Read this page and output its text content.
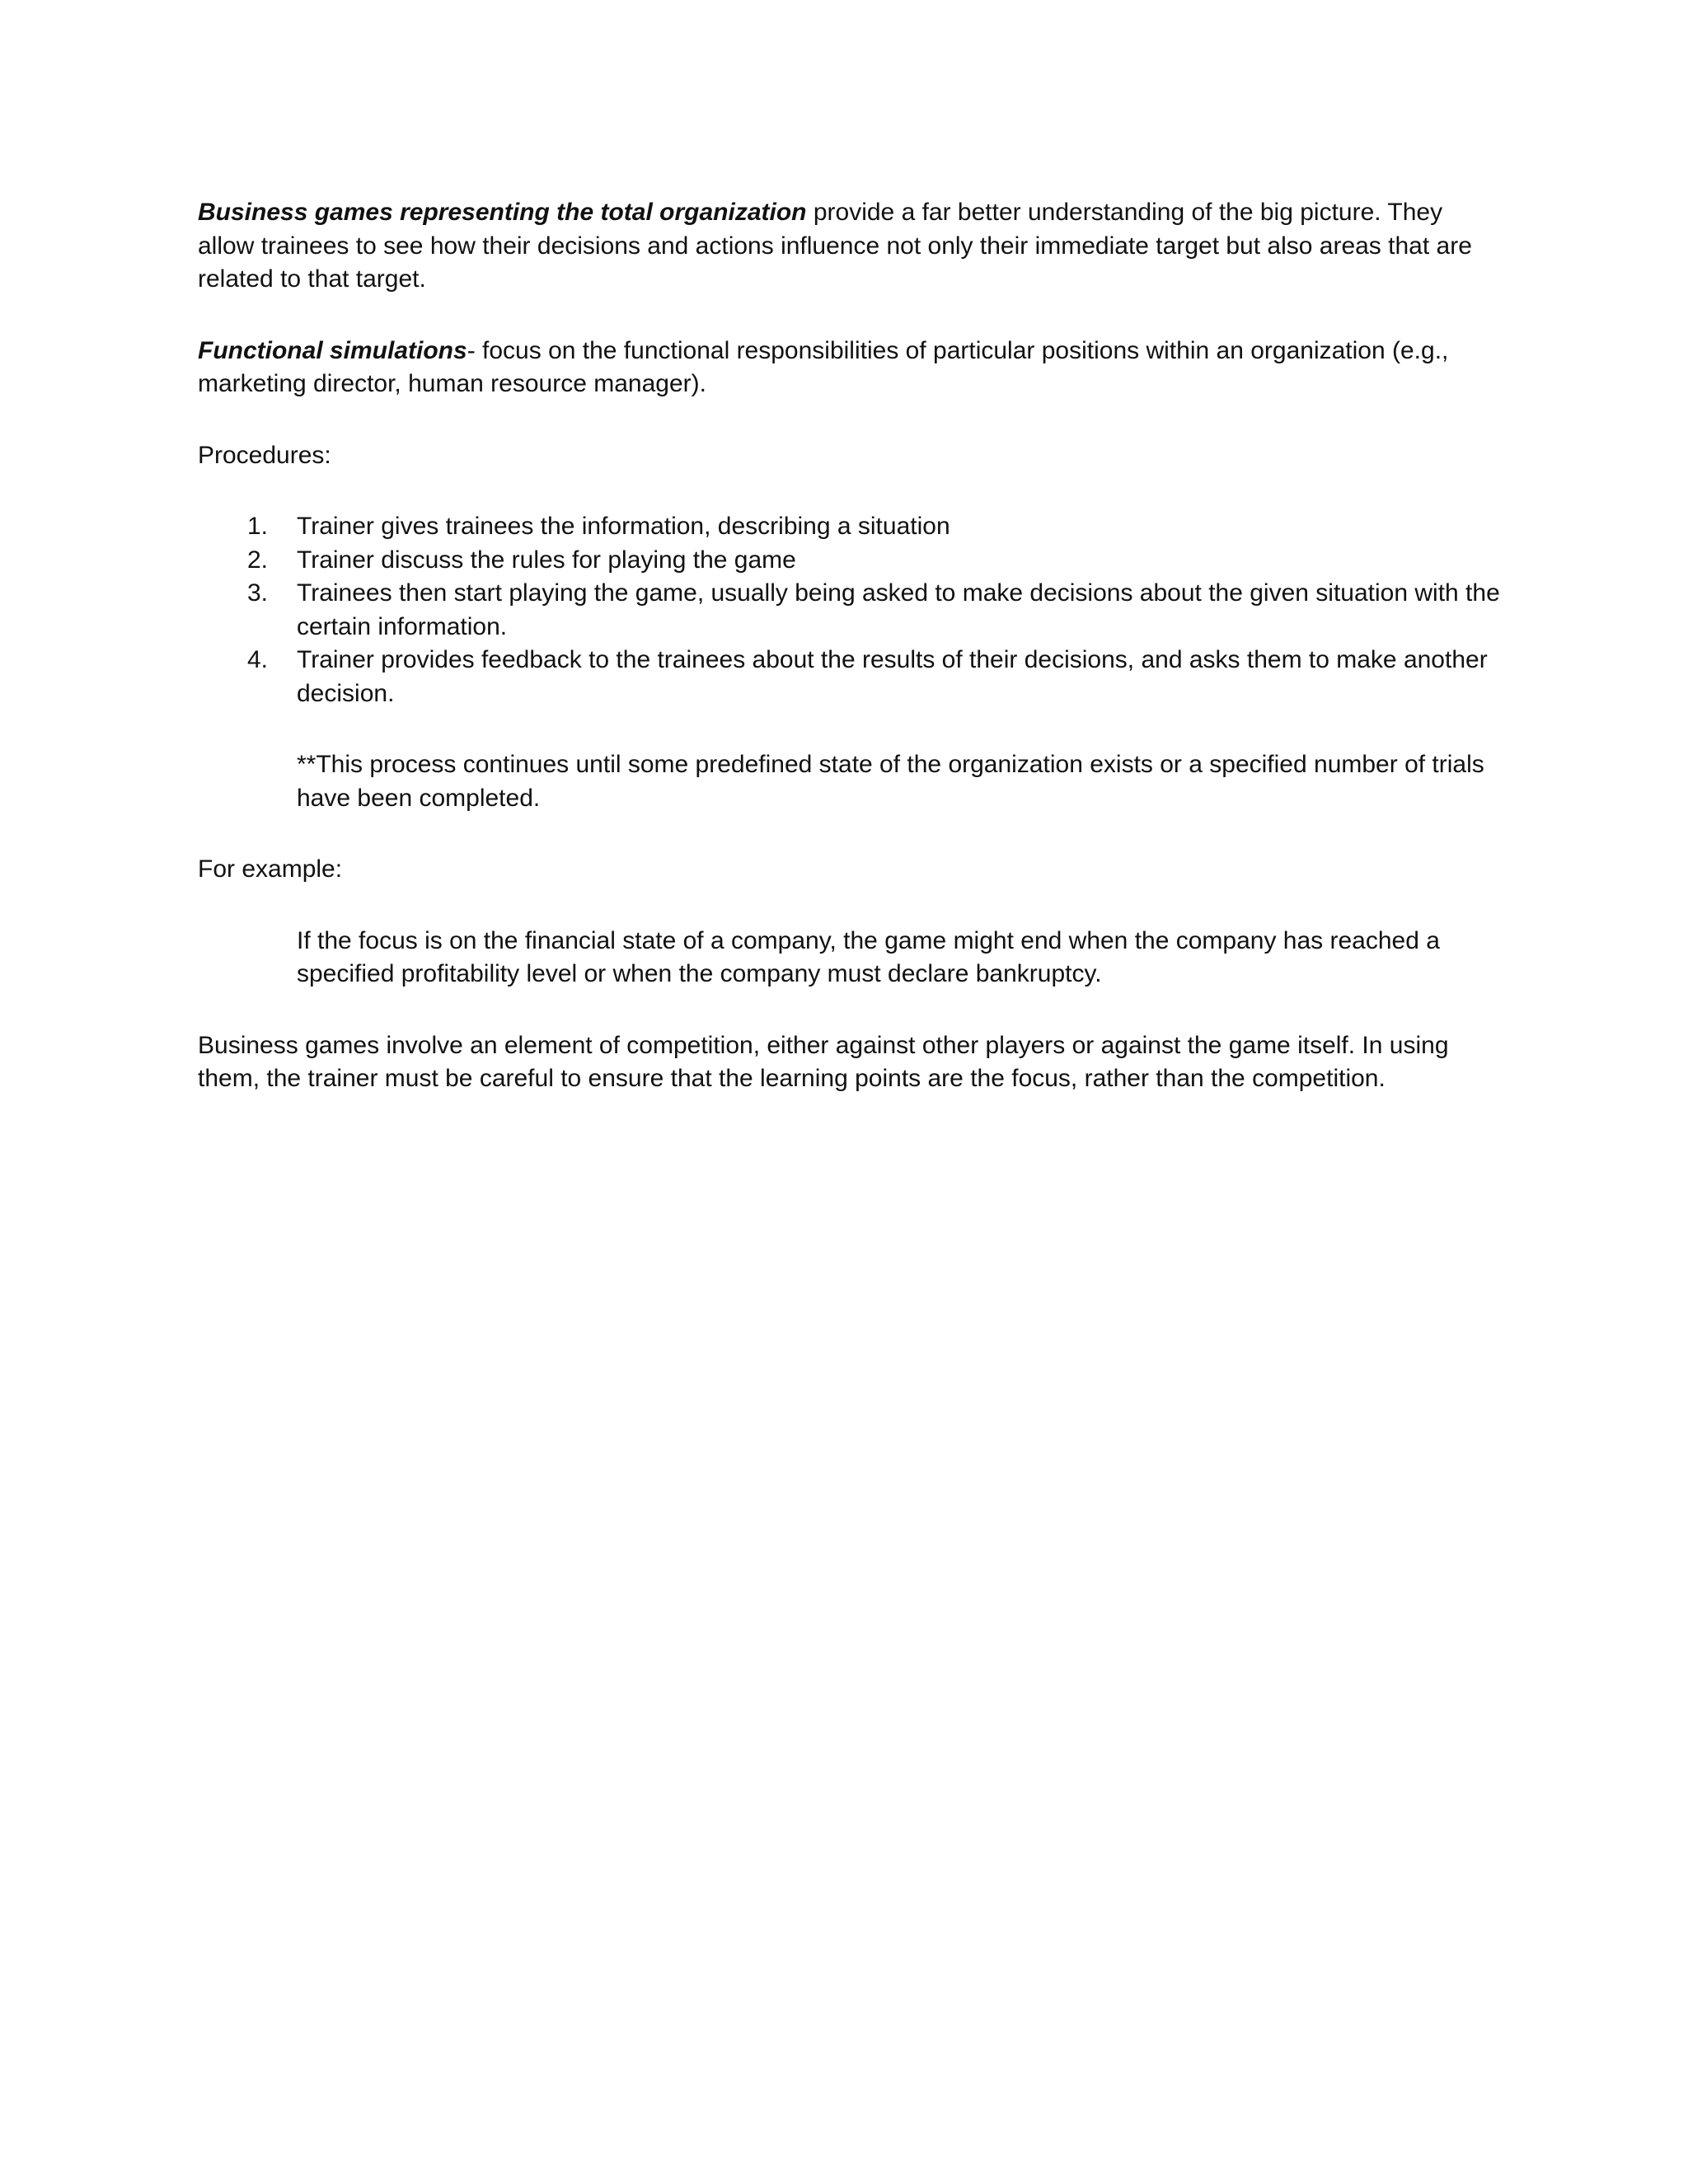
Business games representing the total organization provide a far better understanding of the big picture. They allow trainees to see how their decisions and actions influence not only their immediate target but also areas that are related to that target.

Functional simulations- focus on the functional responsibilities of particular positions within an organization (e.g., marketing director, human resource manager).

Procedures:

1.	Trainer gives trainees the information, describing a situation
2.	Trainer discuss the rules for playing the game
3.	Trainees then start playing the game, usually being asked to make decisions about the given situation with the certain information.
4.	Trainer provides feedback to the trainees about the results of their decisions, and asks them to make another decision.

**This process continues until some predefined state of the organization exists or a specified number of trials have been completed.

For example:

If the focus is on the financial state of a company, the game might end when the company has reached a specified profitability level or when the company must declare bankruptcy.

Business games involve an element of competition, either against other players or against the game itself. In using them, the trainer must be careful to ensure that the learning points are the focus, rather than the competition.
